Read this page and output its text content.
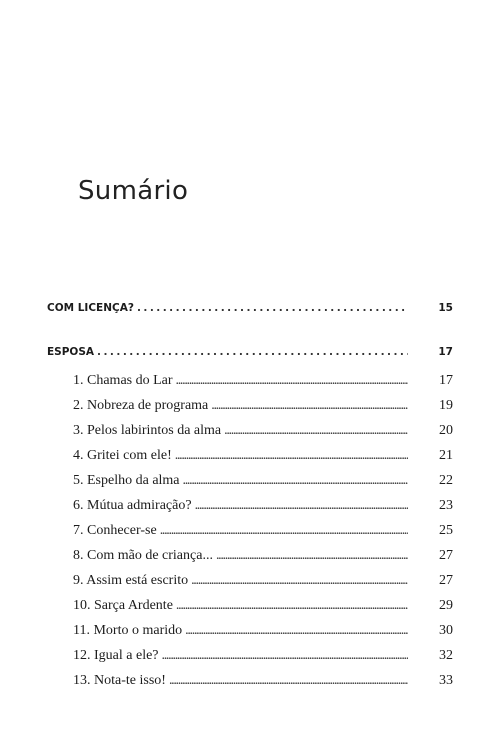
Sumário
COM LICENÇA? . . .	15
ESPOSA . . .	17
1. Chamas do Lar . . .	17
2. Nobreza de programa . . .	19
3. Pelos labirintos da alma . . .	20
4. Gritei com ele! . . .	21
5. Espelho da alma . . .	22
6. Mútua admiração? . . .	23
7. Conhecer-se . . .	25
8. Com mão de criança... . . .	27
9. Assim está escrito . . .	27
10. Sarça Ardente . . .	29
11. Morto o marido . . .	30
12. Igual a ele? . . .	32
13. Nota-te isso! . . .	33
